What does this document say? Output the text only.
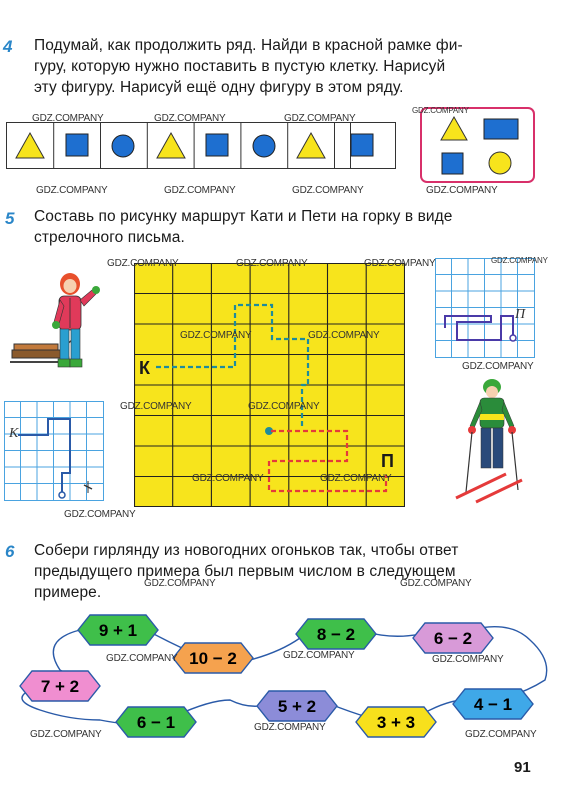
4 Подумай, как продолжить ряд. Найди в красной рамке фи-
гуру, которую нужно поставить в пустую клетку. Нарисуй
эту фигуру. Нарисуй ещё одну фигуру в этом ряду.
5 Составь по рисунку маршрут Кати и Пети на горку в виде
стрелочного письма.
К
К
П
П
6 Собери гирлянду из новогодних огоньков так, чтобы ответ
предыдущего примера был первым числом в следующем
примере.
9 + 1
10 − 2
8 − 2	6 − 2
7 + 2
5 + 2
6 − 1	3 + 3
4 − 1
GDZ.COMPANY	GDZ.COMPANY	GDZ.COMPANY
GDZ.COMPANY
GDZ.COMPANY	GDZ.COMPANY	GDZ.COMPANY	GDZ.COMPANY
GDZ.COMPANY	GDZ.COMPANY	GDZ.COMPANY	GDZ.COMPANY
GDZ.COMPANY	GDZ.COMPANY
GDZ.COMPANY
GDZ.COMPANY	GDZ.COMPANY
GDZ.COMPANY	GDZ.COMPANY
GDZ.COMPANY
GDZ.COMPANY	GDZ.COMPANY
GDZ.COMPANY	GDZ.COMPANY	GDZ.COMPANY
GDZ.COMPANY
GDZ.COMPANY
GDZ.COMPANY
91
